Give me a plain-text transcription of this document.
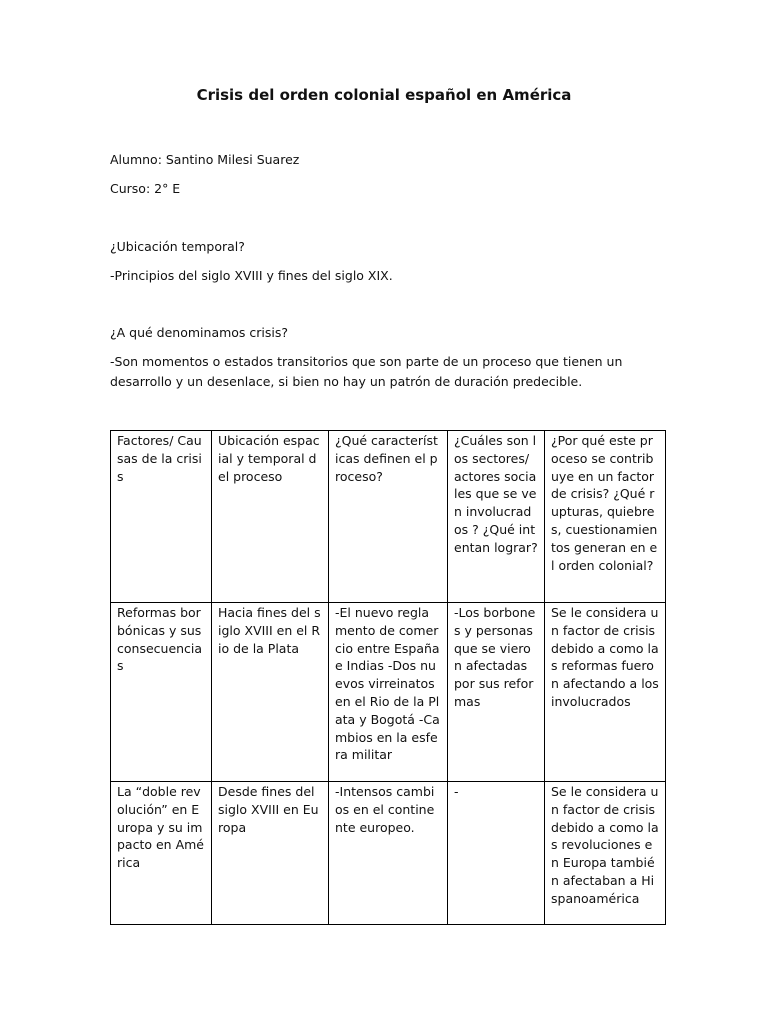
Crisis del orden colonial español en América

Alumno: Santino Milesi Suarez

Curso: 2° E

¿Ubicación temporal?

-Principios del siglo XVIII y fines del siglo XIX.

¿A qué denominamos crisis?

-Son momentos o estados transitorios que son parte de un proceso que tienen un desarrollo y un desenlace, si bien no hay un patrón de duración predecible.

Factores/ Causas de la crisis	Ubicación espacial y temporal del proceso	¿Qué características definen el proceso?	¿Cuáles son los sectores/ actores sociales que se ven involucrados ? ¿Qué intentan lograr?	¿Por qué este proceso se contribuye en un factor de crisis? ¿Qué rupturas, quiebres, cuestionamientos generan en el orden colonial?
Reformas borbónicas y sus consecuencias	Hacia fines del siglo XVIII en el Rio de la Plata	-El nuevo reglamento de comercio entre España e Indias -Dos nuevos virreinatos en el Rio de la Plata y Bogotá -Cambios en la esfera militar	-Los borbones y personas que se vieron afectadas por sus reformas	Se le considera un factor de crisis debido a como las reformas fueron afectando a los involucrados
La “doble revolución” en Europa y su impacto en América	Desde fines del siglo XVIII en Europa	-Intensos cambios en el continente europeo.	-	Se le considera un factor de crisis debido a como las revoluciones en Europa también afectaban a Hispanoamérica
